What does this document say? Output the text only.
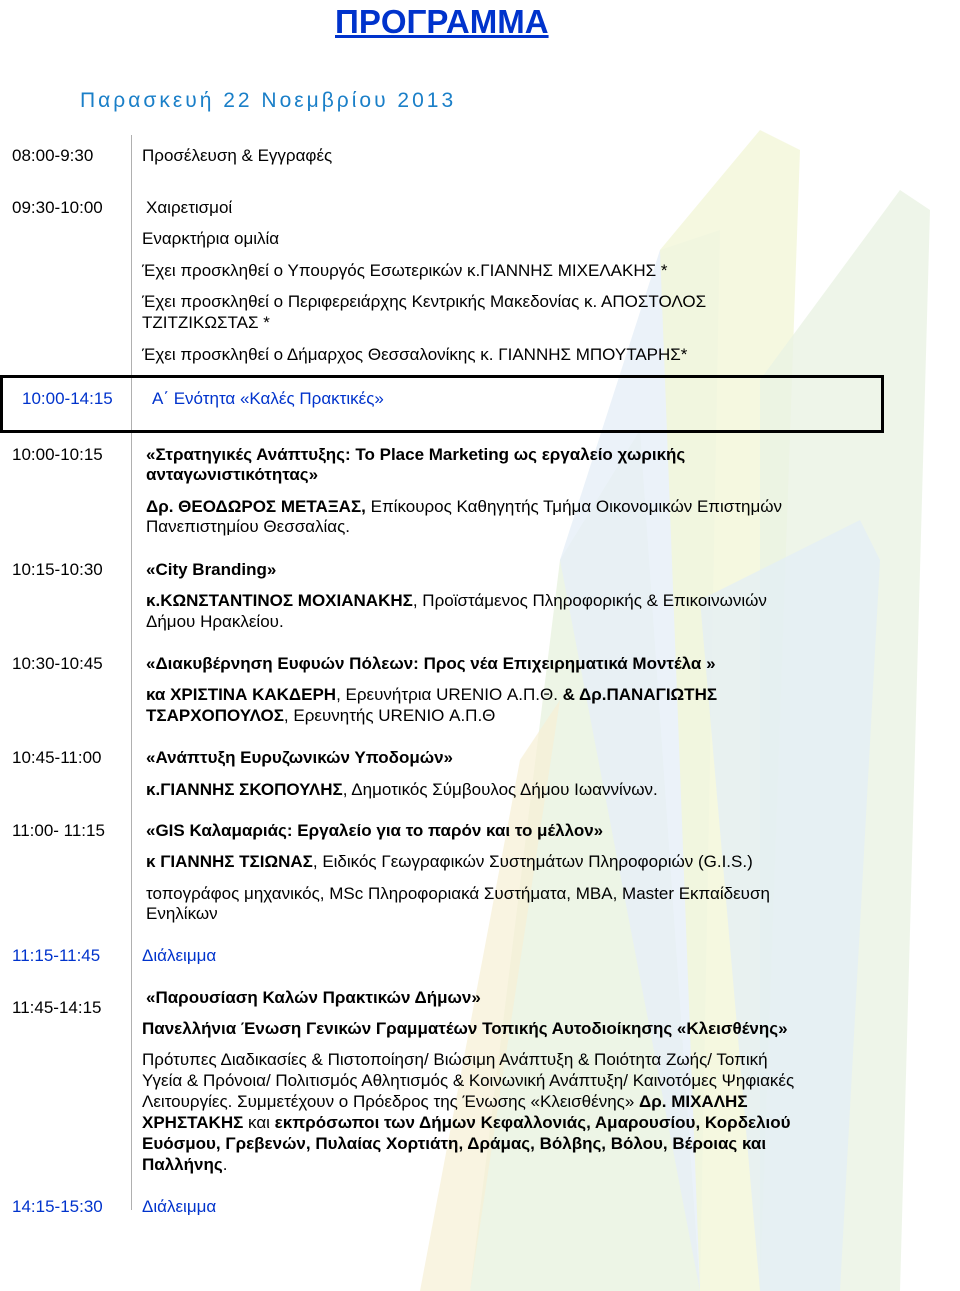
ΠΡΟΓΡΑΜΜΑ
Παρασκευή 22 Νοεμβρίου 2013
08:00-9:30	Προσέλευση & Εγγραφές
09:30-10:00	Χαιρετισμοί
Εναρκτήρια ομιλία
Έχει προσκληθεί ο Υπουργός Εσωτερικών κ.ΓΙΑΝΝΗΣ ΜΙΧΕΛΑΚΗΣ *
Έχει προσκληθεί ο Περιφερειάρχης Κεντρικής Μακεδονίας κ. ΑΠΟΣΤΟΛΟΣ
ΤΖΙΤΖΙΚΩΣΤΑΣ *
Έχει προσκληθεί ο Δήμαρχος Θεσσαλονίκης κ. ΓΙΑΝΝΗΣ ΜΠΟΥΤΑΡΗΣ*
10:00-14:15 Α΄ Ενότητα «Καλές Πρακτικές»
10:00-10:15	«Στρατηγικές Ανάπτυξης: Το Place Marketing ως εργαλείο χωρικής
ανταγωνιστικότητας»
Δρ. ΘΕΟΔΩΡΟΣ ΜΕΤΑΞΑΣ, Επίκουρος Καθηγητής Τμήμα Οικονομικών Επιστημών
Πανεπιστημίου Θεσσαλίας.
10:15-10:30	«City Branding»
κ.ΚΩΝΣΤΑΝΤΙΝΟΣ ΜΟΧΙΑΝΑΚΗΣ, Προϊστάμενος Πληροφορικής & Επικοινωνιών
Δήμου Ηρακλείου.
10:30-10:45	«Διακυβέρνηση Ευφυών Πόλεων: Προς νέα Επιχειρηματικά Μοντέλα »
κα ΧΡΙΣΤΙΝΑ ΚΑΚΔΕΡΗ, Ερευνήτρια URENIO Α.Π.Θ. & Δρ.ΠΑΝΑΓΙΩΤΗΣ
ΤΣΑΡΧΟΠΟΥΛΟΣ, Ερευνητής URENIO Α.Π.Θ
10:45-11:00	«Ανάπτυξη Ευρυζωνικών Υποδομών»
κ.ΓΙΑΝΝΗΣ ΣΚΟΠΟΥΛΗΣ, Δημοτικός Σύμβουλος Δήμου Ιωαννίνων.
11:00- 11:15 «GIS Καλαμαριάς: Εργαλείο για το παρόν και το μέλλον»
κ ΓΙΑΝΝΗΣ ΤΣΙΩΝΑΣ, Ειδικός Γεωγραφικών Συστημάτων Πληροφοριών (G.I.S.)
τοπογράφος μηχανικός, MSc Πληροφοριακά Συστήματα, MBA, Master Εκπαίδευση
Ενηλίκων
11:15-11:45 Διάλειμμα
11:45-14:15
«Παρουσίαση Καλών Πρακτικών Δήμων»
Πανελλήνια Ένωση Γενικών Γραμματέων Τοπικής Αυτοδιοίκησης «Κλεισθένης»
Πρότυπες Διαδικασίες & Πιστοποίηση/ Βιώσιμη Ανάπτυξη & Ποιότητα Ζωής/ Τοπική
Υγεία & Πρόνοια/ Πολιτισμός Αθλητισμός & Κοινωνική Ανάπτυξη/ Καινοτόμες Ψηφιακές
Λειτουργίες. Συμμετέχουν ο Πρόεδρος της Ένωσης «Κλεισθένης» Δρ. ΜΙΧΑΛΗΣ
ΧΡΗΣΤΑΚΗΣ και εκπρόσωποι των Δήμων Κεφαλλονιάς, Αμαρουσίου, Κορδελιού
Ευόσμου, Γρεβενών, Πυλαίας Χορτιάτη, Δράμας, Βόλβης, Βόλου, Βέροιας και
Παλλήνης.
14:15-15:30 Διάλειμμα
